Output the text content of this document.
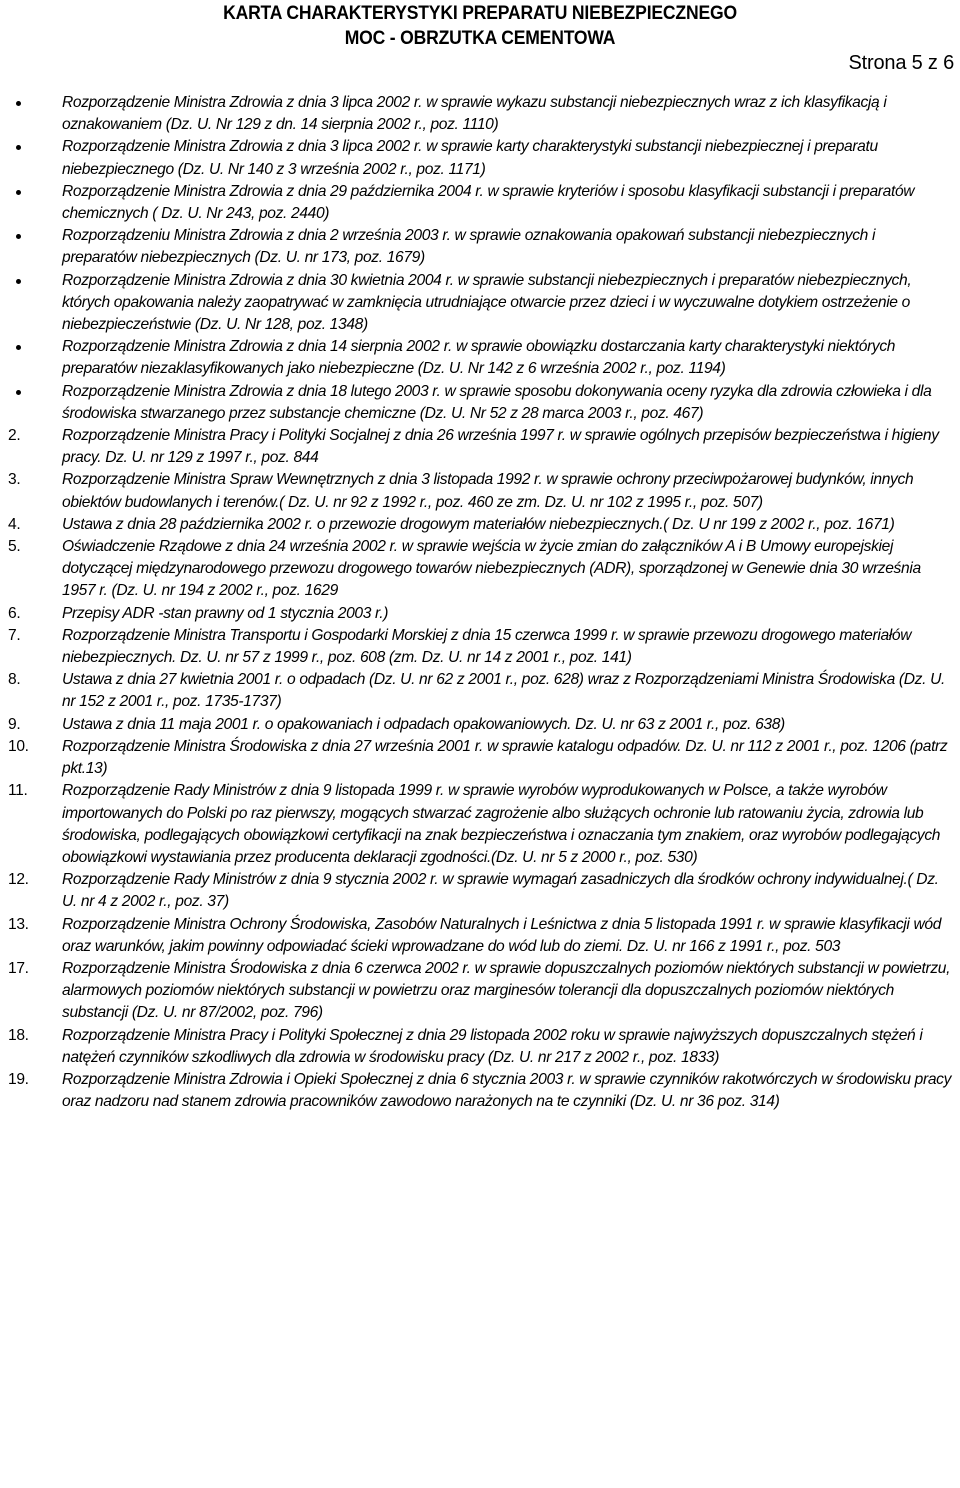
KARTA CHARAKTERYSTYKI PREPARATU NIEBEZPIECZNEGO
MOC - OBRZUTKA CEMENTOWA
Strona 5 z 6
Rozporządzenie Ministra Zdrowia z dnia 3 lipca 2002 r. w sprawie wykazu substancji niebezpiecznych wraz z ich klasyfikacją i oznakowaniem (Dz. U. Nr 129 z dn. 14 sierpnia 2002 r., poz. 1110)
Rozporządzenie Ministra Zdrowia z dnia 3 lipca 2002 r. w sprawie karty charakterystyki substancji niebezpiecznej i preparatu niebezpiecznego (Dz. U. Nr 140 z 3 września 2002 r., poz. 1171)
Rozporządzenie Ministra Zdrowia z dnia 29 października 2004 r. w sprawie kryteriów i sposobu klasyfikacji substancji i preparatów chemicznych ( Dz. U. Nr 243, poz. 2440)
Rozporządzeniu Ministra Zdrowia z dnia 2 września 2003 r. w sprawie oznakowania opakowań substancji niebezpiecznych i preparatów niebezpiecznych (Dz. U. nr 173, poz. 1679)
Rozporządzenie Ministra Zdrowia z dnia 30 kwietnia 2004 r. w sprawie substancji niebezpiecznych i preparatów niebezpiecznych, których opakowania należy zaopatrywać w zamknięcia utrudniające otwarcie przez dzieci i w wyczuwalne dotykiem ostrzeżenie o niebezpieczeństwie (Dz. U. Nr 128, poz. 1348)
Rozporządzenie Ministra Zdrowia z dnia 14 sierpnia 2002 r. w sprawie obowiązku dostarczania karty charakterystyki niektórych preparatów niezaklasyfikowanych jako niebezpieczne (Dz. U. Nr 142 z 6 września 2002 r., poz. 1194)
Rozporządzenie Ministra Zdrowia z dnia 18 lutego 2003 r. w sprawie sposobu dokonywania oceny ryzyka dla zdrowia człowieka i dla środowiska stwarzanego przez substancje chemiczne (Dz. U. Nr 52 z 28 marca 2003 r., poz. 467)
2.	Rozporządzenie Ministra Pracy i Polityki Socjalnej z dnia 26 września 1997 r. w sprawie ogólnych przepisów bezpieczeństwa i higieny pracy. Dz. U. nr 129 z 1997 r., poz. 844
3.	Rozporządzenie Ministra Spraw Wewnętrznych z dnia 3 listopada 1992 r. w sprawie ochrony przeciwpożarowej budynków, innych obiektów budowlanych i terenów.( Dz. U. nr 92 z 1992 r., poz. 460 ze zm. Dz. U. nr 102 z 1995 r., poz. 507)
4.	Ustawa z dnia 28 października 2002 r. o przewozie drogowym materiałów niebezpiecznych.( Dz. U nr 199 z 2002 r., poz. 1671)
5.	Oświadczenie Rządowe z dnia 24 września 2002 r. w sprawie wejścia w życie zmian do załączników A i B Umowy europejskiej dotyczącej międzynarodowego przewozu drogowego towarów niebezpiecznych (ADR), sporządzonej w Genewie dnia 30 września 1957 r. (Dz. U. nr 194 z 2002 r., poz. 1629
6.	Przepisy ADR -stan prawny od 1 stycznia 2003 r.)
7.	Rozporządzenie Ministra Transportu i Gospodarki Morskiej z dnia 15 czerwca 1999 r. w sprawie przewozu drogowego materiałów niebezpiecznych. Dz. U. nr 57 z 1999 r., poz. 608 (zm. Dz. U. nr 14 z 2001 r., poz. 141)
8.	Ustawa z dnia 27 kwietnia 2001 r. o odpadach (Dz. U. nr 62 z 2001 r., poz. 628) wraz z Rozporządzeniami Ministra Środowiska (Dz. U. nr 152 z 2001 r., poz. 1735-1737)
9.	Ustawa z dnia 11 maja 2001 r. o opakowaniach i odpadach opakowaniowych. Dz. U. nr 63 z 2001 r., poz. 638)
10. Rozporządzenie Ministra Środowiska z dnia 27 września 2001 r. w sprawie katalogu odpadów. Dz. U. nr 112 z 2001 r., poz. 1206 (patrz pkt.13)
11. Rozporządzenie Rady Ministrów z dnia 9 listopada 1999 r. w sprawie wyrobów wyprodukowanych w Polsce, a także wyrobów importowanych do Polski po raz pierwszy, mogących stwarzać zagrożenie albo służących ochronie lub ratowaniu życia, zdrowia lub środowiska, podlegających obowiązkowi certyfikacji na znak bezpieczeństwa i oznaczania tym znakiem, oraz wyrobów podlegających obowiązkowi wystawiania przez producenta deklaracji zgodności.(Dz. U. nr 5 z 2000 r., poz. 530)
12. Rozporządzenie Rady Ministrów z dnia 9 stycznia 2002 r. w sprawie wymagań zasadniczych dla środków ochrony indywidualnej.( Dz. U. nr 4 z 2002 r., poz. 37)
13. Rozporządzenie Ministra Ochrony Środowiska, Zasobów Naturalnych i Leśnictwa z dnia 5 listopada 1991 r. w sprawie klasyfikacji wód oraz warunków, jakim powinny odpowiadać ścieki wprowadzane do wód lub do ziemi. Dz. U. nr 166 z 1991 r., poz. 503
17. Rozporządzenie Ministra Środowiska z dnia 6 czerwca 2002 r. w sprawie dopuszczalnych poziomów niektórych substancji w powietrzu, alarmowych poziomów niektórych substancji w powietrzu oraz marginesów tolerancji dla dopuszczalnych poziomów niektórych substancji (Dz. U. nr 87/2002, poz. 796)
18. Rozporządzenie Ministra Pracy i Polityki Społecznej z dnia 29 listopada 2002 roku w sprawie najwyższych dopuszczalnych stężeń i natężeń czynników szkodliwych dla zdrowia w środowisku pracy (Dz. U. nr 217 z 2002 r., poz. 1833)
19. Rozporządzenie Ministra Zdrowia i Opieki Społecznej z dnia 6 stycznia 2003 r. w sprawie czynników rakotwórczych w środowisku pracy oraz nadzoru nad stanem zdrowia pracowników zawodowo narażonych na te czynniki (Dz. U. nr 36 poz. 314)
